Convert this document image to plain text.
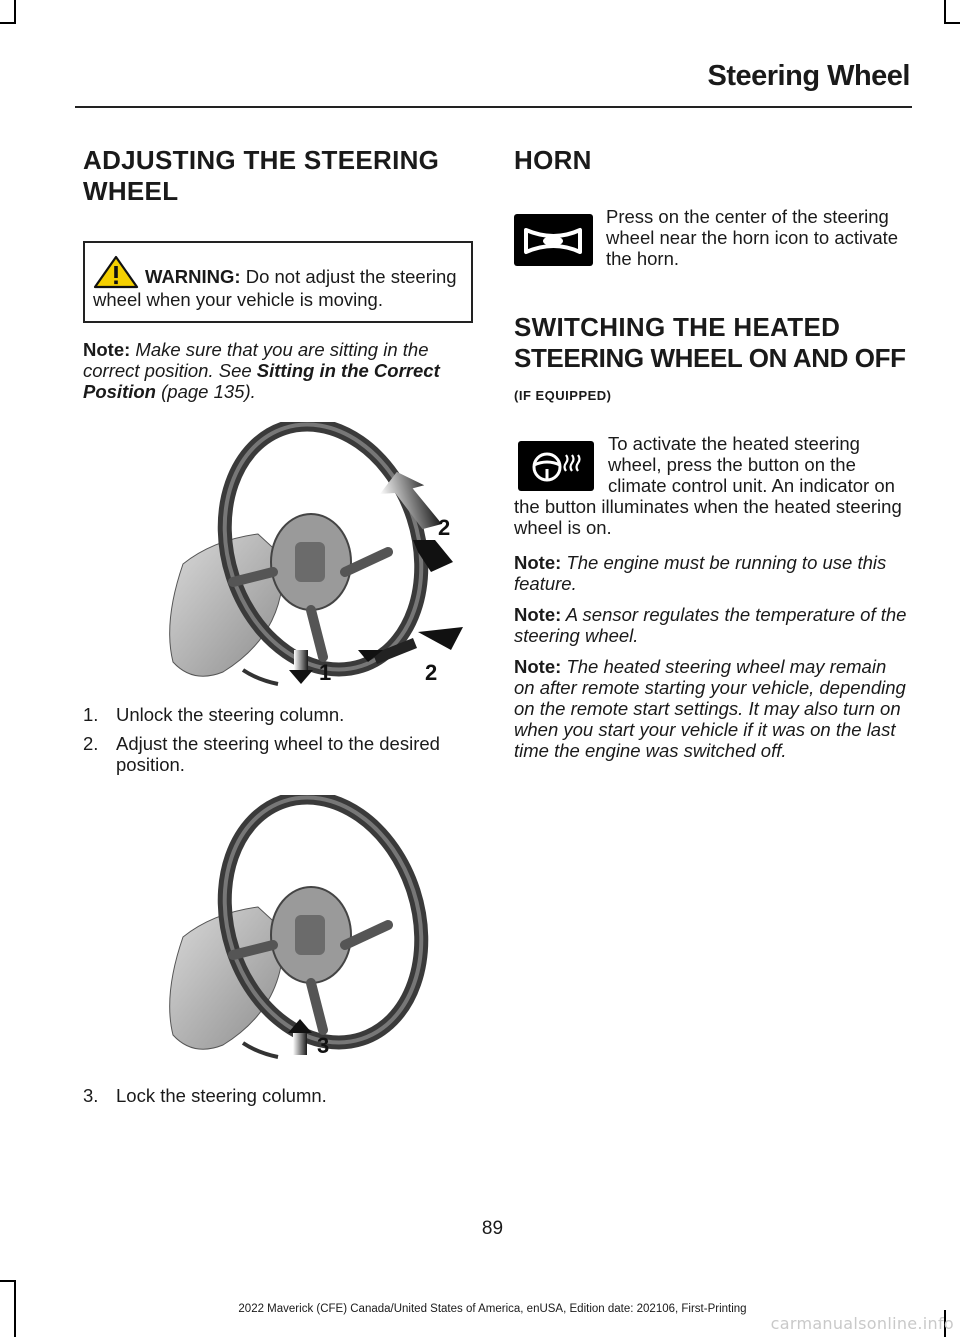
Steering Wheel
ADJUSTING THE STEERING
WHEEL
WARNING: Do not adjust the steering wheel when your vehicle is moving.
Note: Make sure that you are sitting in the correct position. See Sitting in the Correct Position (page 135).
2
1	2
1. Unlock the steering column.
2. Adjust the steering wheel to the desired position.
3
3. Lock the steering column.
HORN
Press on the center of the steering wheel near the horn icon to activate the horn.
SWITCHING THE HEATED
STEERING WHEEL ON AND OFF
(IF EQUIPPED)
To activate the heated steering wheel, press the button on the climate control unit. An indicator on the button illuminates when the heated steering wheel is on.
Note: The engine must be running to use this feature.
Note: A sensor regulates the temperature of the steering wheel.
Note: The heated steering wheel may remain on after remote starting your vehicle, depending on the remote start settings. It may also turn on when you start your vehicle if it was on the last time the engine was switched off.
89
2022 Maverick (CFE) Canada/United States of America, enUSA, Edition date: 202106, First-Printing
carmanualsonline.info
